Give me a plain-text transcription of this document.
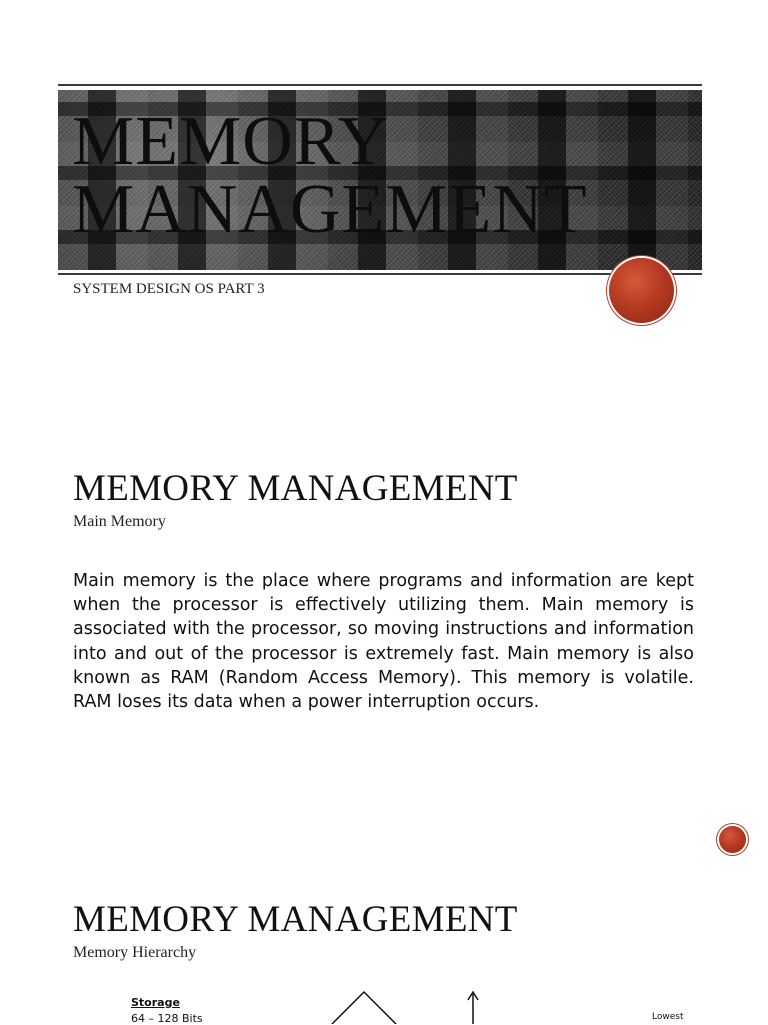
MEMORY
MANAGEMENT
SYSTEM DESIGN OS PART 3
MEMORY MANAGEMENT
Main Memory
Main memory is the place where programs and information are kept when the processor is effectively utilizing them. Main memory is associated with the processor, so moving instructions and information into and out of the processor is extremely fast. Main memory is also known as RAM (Random Access Memory). This memory is volatile. RAM loses its data when a power interruption occurs.
MEMORY MANAGEMENT
Memory Hierarchy
Storage
64 – 128 Bits	Lowest
